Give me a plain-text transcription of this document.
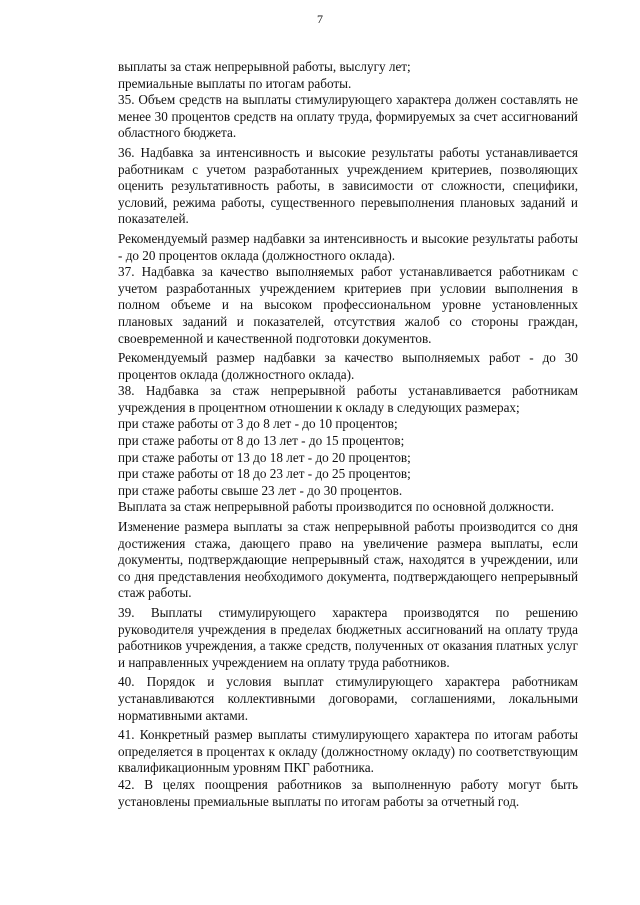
7

выплаты за стаж непрерывной работы, выслугу лет;

премиальные выплаты по итогам работы.

35. Объем средств на выплаты стимулирующего характера должен составлять не менее 30 процентов средств на оплату труда, формируемых за счет ассигнований областного бюджета.

36. Надбавка за интенсивность и высокие результаты работы устанавливается работникам с учетом разработанных учреждением критериев, позволяющих оценить результативность работы, в зависимости от сложности, специфики, условий, режима работы, существенного перевыполнения плановых заданий и показателей.

Рекомендуемый размер надбавки за интенсивность и высокие результаты работы - до 20 процентов оклада (должностного оклада).

37. Надбавка за качество выполняемых работ устанавливается работникам с учетом разработанных учреждением критериев при условии выполнения в полном объеме и на высоком профессиональном уровне установленных плановых заданий и показателей, отсутствия жалоб со стороны граждан, своевременной и качественной подготовки документов.

Рекомендуемый размер надбавки за качество выполняемых работ - до 30 процентов оклада (должностного оклада).

38. Надбавка за стаж непрерывной работы устанавливается работникам учреждения в процентном отношении к окладу в следующих размерах;

при стаже работы от 3 до 8 лет - до 10 процентов;

при стаже работы от 8 до 13 лет - до 15 процентов;

при стаже работы от 13 до 18 лет - до 20 процентов;

при стаже работы от 18 до 23 лет - до 25 процентов;

при стаже работы свыше 23 лет - до 30 процентов.

Выплата за стаж непрерывной работы производится по основной должности.

Изменение размера выплаты за стаж непрерывной работы производится со дня достижения стажа, дающего право на увеличение размера выплаты, если документы, подтверждающие непрерывный стаж, находятся в учреждении, или со дня представления необходимого документа, подтверждающего непрерывный стаж работы.

39. Выплаты стимулирующего характера производятся по решению руководителя учреждения в пределах бюджетных ассигнований на оплату труда работников учреждения, а также средств, полученных от оказания платных услуг и направленных учреждением на оплату труда работников.

40. Порядок и условия выплат стимулирующего характера работникам устанавливаются коллективными договорами, соглашениями, локальными нормативными актами.

41. Конкретный размер выплаты стимулирующего характера по итогам работы определяется в процентах к окладу (должностному окладу) по соответствующим квалификационным уровням ПКГ работника.

42. В целях поощрения работников за выполненную работу могут быть установлены премиальные выплаты по итогам работы за отчетный год.
